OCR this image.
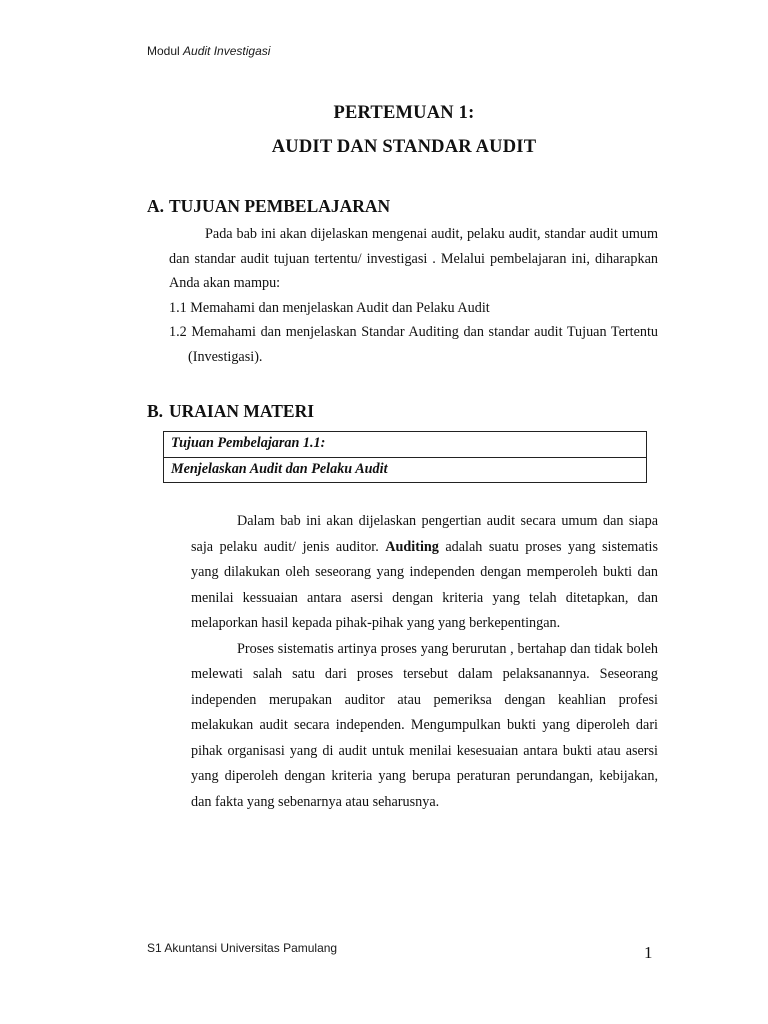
Modul Audit Investigasi
PERTEMUAN 1:
AUDIT DAN STANDAR AUDIT
A. TUJUAN PEMBELAJARAN

Pada bab ini akan dijelaskan mengenai audit, pelaku audit, standar audit umum dan standar audit tujuan tertentu/ investigasi . Melalui pembelajaran ini, diharapkan Anda akan mampu:

1.1 Memahami dan menjelaskan Audit dan Pelaku Audit

1.2 Memahami dan menjelaskan Standar Auditing dan standar audit Tujuan Tertentu (Investigasi).

B. URAIAN MATERI
Tujuan Pembelajaran 1.1:
Menjelaskan Audit dan Pelaku Audit

Dalam bab ini akan dijelaskan pengertian audit secara umum dan siapa saja pelaku audit/ jenis auditor. Auditing adalah suatu proses yang sistematis yang dilakukan oleh seseorang yang independen dengan memperoleh bukti dan menilai kessuaian antara asersi dengan kriteria yang telah ditetapkan, dan melaporkan hasil kepada pihak-pihak yang yang berkepentingan.

Proses sistematis artinya proses yang berurutan , bertahap dan tidak boleh melewati salah satu dari proses tersebut dalam pelaksanannya. Seseorang independen merupakan auditor atau pemeriksa dengan keahlian profesi melakukan audit secara independen. Mengumpulkan bukti yang diperoleh dari pihak organisasi yang di audit untuk menilai kesesuaian antara bukti atau asersi yang diperoleh dengan kriteria yang berupa peraturan perundangan, kebijakan, dan fakta yang sebenarnya atau seharusnya.

S1 Akuntansi Universitas Pamulang	1
